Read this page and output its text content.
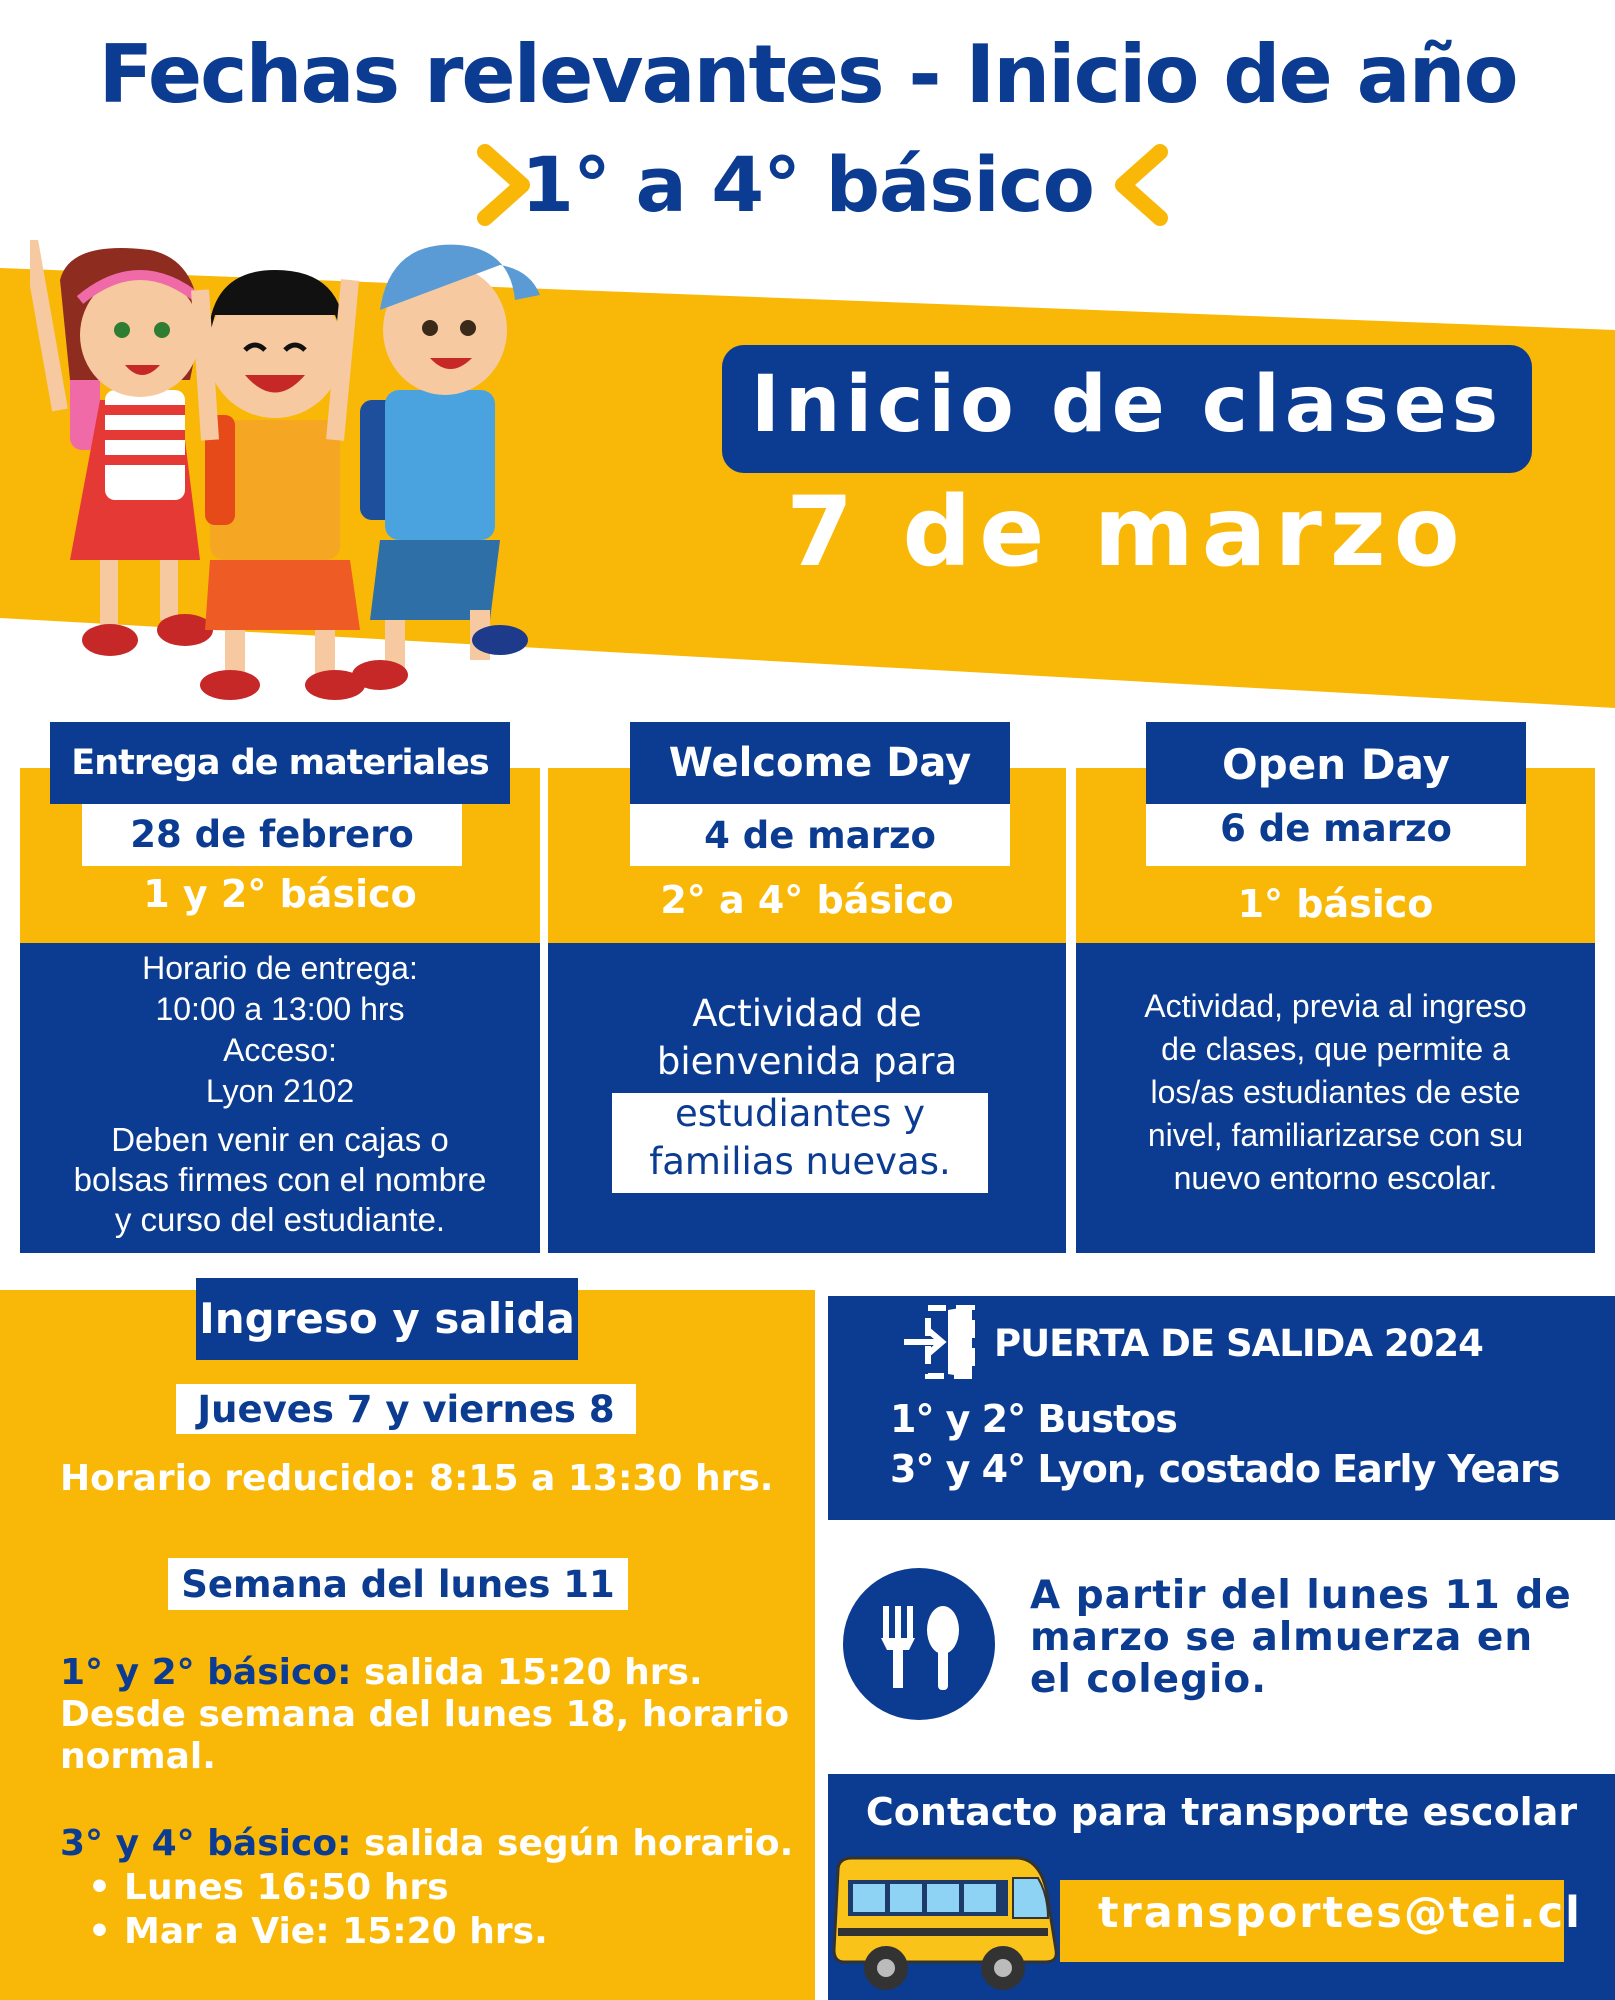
Fechas relevantes - Inicio de año
1° a 4° básico
Inicio de clases
7 de marzo
Entrega de materiales
28 de febrero
1 y 2° básico
Horario de entrega:
10:00 a 13:00 hrs
Acceso:
Lyon 2102
Deben venir en cajas o
bolsas firmes con el nombre
y curso del estudiante.
Welcome Day
4 de marzo
2° a 4° básico
Actividad de
bienvenida para
estudiantes y
familias nuevas.
Open Day
6 de marzo
1° básico
Actividad, previa al ingreso
de clases, que permite a
los/as estudiantes de este
nivel, familiarizarse con su
nuevo entorno escolar.
Ingreso y salida
Jueves 7 y viernes 8
Horario reducido: 8:15 a 13:30 hrs.
Semana del lunes 11
1° y 2° básico: salida 15:20 hrs.
Desde semana del lunes 18, horario
normal.
3° y 4° básico: salida según horario.
• Lunes 16:50 hrs
• Mar a Vie: 15:20 hrs.
PUERTA DE SALIDA 2024
1° y 2° Bustos
3° y 4° Lyon, costado Early Years
A partir del lunes 11 de
marzo se almuerza en
el colegio.
Contacto para transporte escolar
transportes@tei.cl
